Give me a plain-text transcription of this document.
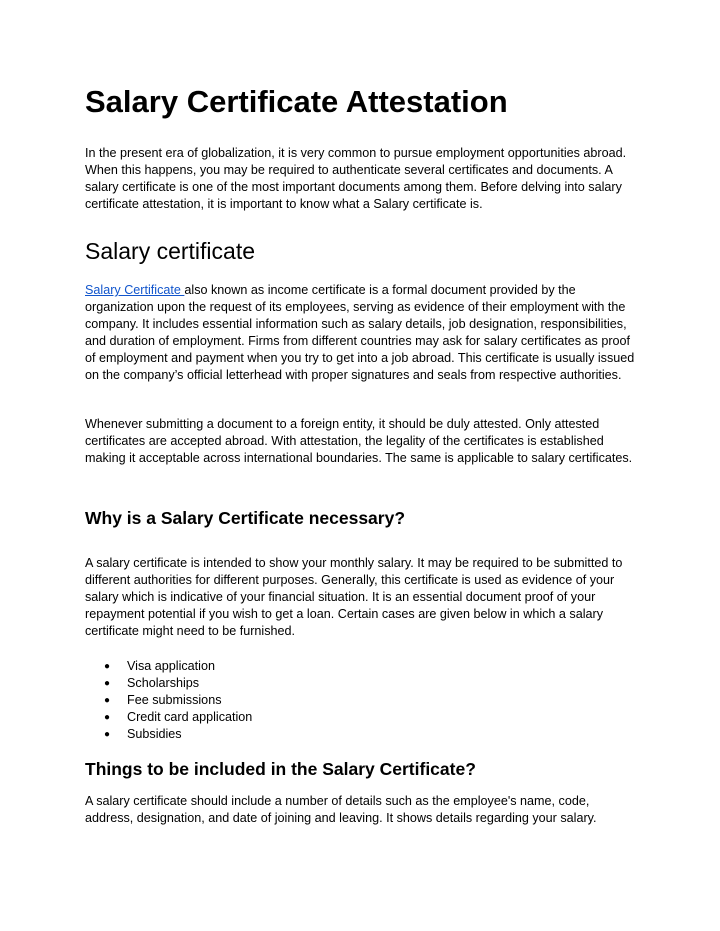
Salary Certificate Attestation

In the present era of globalization, it is very common to pursue employment opportunities abroad. When this happens, you may be required to authenticate several certificates and documents. A salary certificate is one of the most important documents among them. Before delving into salary certificate attestation, it is important to know what a Salary certificate is.

Salary certificate

Salary Certificate also known as income certificate is a formal document provided by the organization upon the request of its employees, serving as evidence of their employment with the company. It includes essential information such as salary details, job designation, responsibilities, and duration of employment. Firms from different countries may ask for salary certificates as proof of employment and payment when you try to get into a job abroad. This certificate is usually issued on the company’s official letterhead with proper signatures and seals from respective authorities.

Whenever submitting a document to a foreign entity, it should be duly attested. Only attested certificates are accepted abroad. With attestation, the legality of the certificates is established making it acceptable across international boundaries. The same is applicable to salary certificates.

Why is a Salary Certificate necessary?

A salary certificate is intended to show your monthly salary. It may be required to be submitted to different authorities for different purposes. Generally, this certificate is used as evidence of your salary which is indicative of your financial situation. It is an essential document proof of your repayment potential if you wish to get a loan. Certain cases are given below in which a salary certificate might need to be furnished.

● Visa application
● Scholarships
● Fee submissions
● Credit card application
● Subsidies
Things to be included in the Salary Certificate?

A salary certificate should include a number of details such as the employee's name, code, address, designation, and date of joining and leaving. It shows details regarding your salary.
